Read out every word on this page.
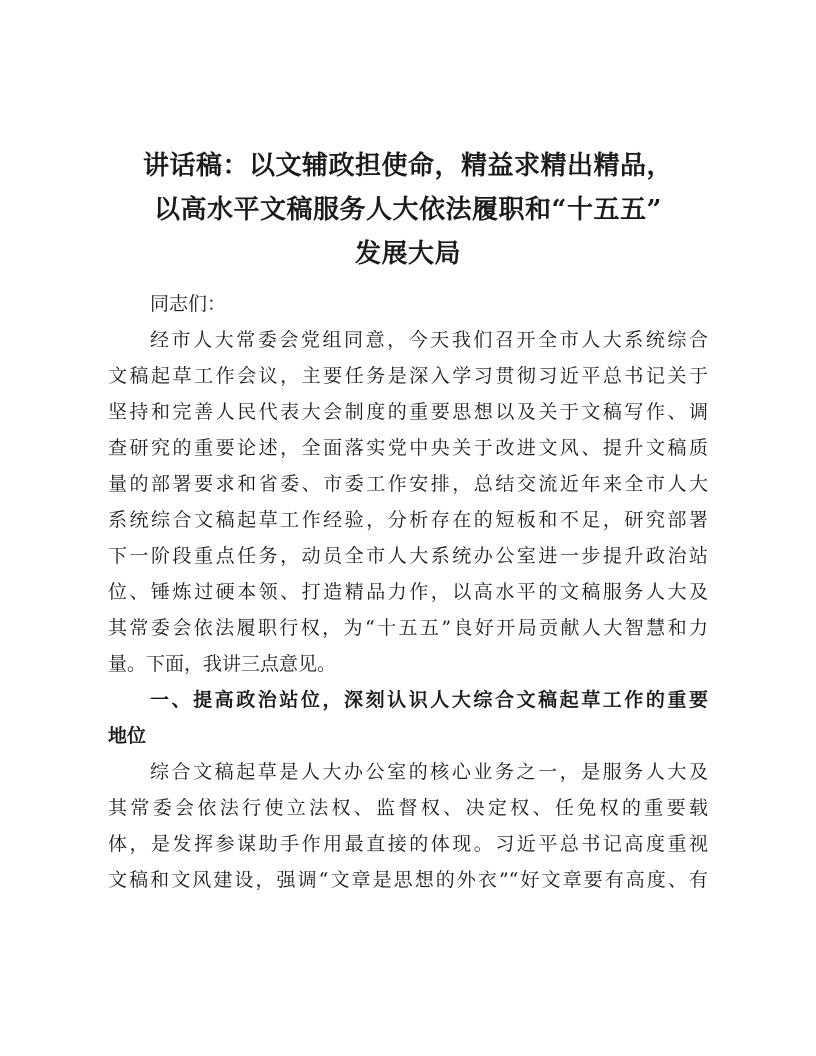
讲话稿：以文辅政担使命，精益求精出精品，
以高水平文稿服务人大依法履职和“十五五”
发展大局
同志们：
经市人大常委会党组同意，今天我们召开全市人大系统综合
文稿起草工作会议，主要任务是深入学习贯彻习近平总书记关于
坚持和完善人民代表大会制度的重要思想以及关于文稿写作、调
查研究的重要论述，全面落实党中央关于改进文风、提升文稿质
量的部署要求和省委、市委工作安排，总结交流近年来全市人大
系统综合文稿起草工作经验，分析存在的短板和不足，研究部署
下一阶段重点任务，动员全市人大系统办公室进一步提升政治站
位、锤炼过硬本领、打造精品力作，以高水平的文稿服务人大及
其常委会依法履职行权，为“十五五”良好开局贡献人大智慧和力
量。下面，我讲三点意见。
一、提高政治站位，深刻认识人大综合文稿起草工作的重要
地位
综合文稿起草是人大办公室的核心业务之一，是服务人大及
其常委会依法行使立法权、监督权、决定权、任免权的重要载
体，是发挥参谋助手作用最直接的体现。习近平总书记高度重视
文稿和文风建设，强调“文章是思想的外衣”“好文章要有高度、有
